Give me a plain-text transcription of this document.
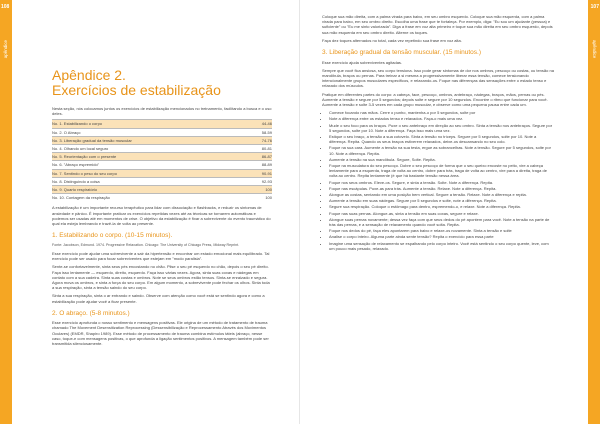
108
apêndice
Apêndice 2.
Exercícios de estabilização

Nesta seção, nós colocamos juntos os exercícios de estabilização mencionados no treinamento, facilitando a busca e o uso deles.

No. 1. Estabilizando o corpo	44-46
No. 2. O Abraço	58-59
No. 3. Liberação gradual da tensão muscular	74-76
No. 4. Olhando um local seguro	80-81
No. 5. Reorientação com o presente	86-87
No. 6. "Abraço espremido"	88-89
No. 7. Sentindo o peso do seu corpo	90-91
No. 8. Distinguindo a coisa	92-93
No. 9. Quarto respiratório	100
No. 10. Contagem da respiração	100

A estabilização é um importante recurso terapêutico para lidar com dissociação e flashbacks, e reduzir os sintomas de ansiedade e pânico. É importante praticar os exercícios repetidas vezes até as técnicas se tornarem automáticas e podemos ser usadas até em momentos de crise. O objetivo da estabilização é fixar a sobrevivente do evento traumático do qual ela esteja lembrando e trazê-la de volta ao presente.

1. Estabilizando o corpo. (10-15 minutos).

Fonte: Jacobson, Edmund. 1974. Progressive Relaxation. Chicago: The University of Chicago Press, Midway Reprint.

Esse exercício pode ajudar uma sobrevivente a sair da hipertensão e encontrar um estado emocional mais equilibrado. Tal exercício pode ser usado para focar sobreviventes que estejam em "modo paralisia".

Sente-se confortavelmente, sinta seus pés encostando no chão. Plise o seu pé esquerdo no chão, depois o seu pé direito. Faça isso lentamente — esquerdo, direito, esquerdo. Faça isso várias vezes. Agora, sinta suas coxas e nádegas em contato com a sua cadeira. Sinta suas costas e ombros. Note se seus ombros estão tensos. Sinta-se enraizado e segura. Agora mova os ombros, e sinta a força do seu corpo. Em algum momento, a sobrevivente pode fechar os olhos. Sinta toda a sua respiração, sinta a tensão saindo do seu corpo.

Sinta a sua respiração, sinta o ar entrando e saindo. Observe com atenção como você está se sentindo agora e como a estabilização pode ajudar você a ficar presente.

2. O abraço. (5-8 minutos.)

Esse exercício aprofunda o nosso sentimento e mensagens positivas. Ele origina de um método de tratamento de trauma chamado The Movement Desensitization Reprocessing (Dessensibilização e Reprocessamento Através dos Movimentos Oculares) (EMDR, Shapiro 1989). Esse método de processamento de trauma combina estímulos táteis (abraço, nesse caso, toque-e com mensagens positivas, o que aprofunda a ligação sentimentos positivos. A mensagem também pode ser transmitida silenciosamente.

107
apêndice

Coloque sua mão direita, com a palma virada para baixo, em seu ombro esquerdo. Coloque sua mão esquerda, com a palma virada para baixo, em seu ombro direito. Escolha uma frase que te fortaleça. Por exemplo, diga: "Eu sou um ajudante (pessoa) e suficiente" ou "Eu me sinto valorizada". Diga a frase em voz alta primeiro e toque sua mão direita em seu ombro esquerdo, depois sua mão esquerda em seu ombro direito. Alterne os toques.

Faça dez toques alternados no total, cada vez repetindo sua frase em voz alta.

3. Liberação gradual da tensão muscular. (15 minutos.)

Esse exercício ajuda sobreviventes agitadas.

Sempre que você fica ansiosa, seu corpo tensiona. Isso pode gerar sintomas de dor nos ombros, pescoço ou costas, ou tensão na mandíbula, braços ou pernas. Para treinar a si mesma a progressivamente liberar essa tensão, comece tensionando intencionalmente grupos musculares específicos, e relaxando-os. Foque nas diferenças das sensações entre o estado tenso e relaxado dos músculos.

Pratique em diferentes partes do corpo: a cabeça, face, pescoço, ombros, antebraço, nádegas, braços, mãos, pernas ou pés. Aumente a tensão e segure por 5 segundos; depois solte e segure por 10 segundos. Encontre o ritmo que funcionar para você. Aumente a tensão e solte 3-5 vezes em cada grupo muscular, e observe como uma pequena pausa entre cada um.

• Comece focando nas mãos. Cerre o punho, mantenha-o por 5 segundos, solte por
• Note a diferença entre os estados tenso e relaxados. Faça-o mais uma vez.
• Mude o seu foco para os braços. Puxe o seu antebraço em direção ao seu ombro. Sinta a tensão nos antebraços. Segure por 5 segundos, solte por 10. Note a diferença. Faça isso mais uma vez.
• Estique o seu braço, a tensão a sua cotovelo. Sinta a tensão no tríceps. Segure por 5 segundos, solte por 10. Note a diferença. Repita. Quando os seus braços estiverem relaxados, deixe-os descansando no seu colo.
• Foque na sua cara. Aumente a tensão na sua testa, ergue as sobrancelhas. Note a tensão. Segure por 5 segundos, solte por 10. Note a diferença. Repita.
• Aumente a tensão na sua mandíbula. Segure, Solte. Repita.
• Foque na musculatura do seu pescoço. Dobre o seu pescoço de forma que o seu queixo encoste no peito, vire a cabeça lentamente para a esquerda, traga de volta ao centro, dobre para trás, traga de volta ao centro, vire para a direita, traga de volta ao centro. Repita lentamente (é que há bastante tensão nessa área.
• Foque nos seus ombros. Eleve-os. Segure, e sinta a tensão. Solte. Note a diferença. Repita.
• Foque nas escápulas. Puxe-as para trás. Aumente a tensão. Relaxe. Note a diferença. Repita.
• Alongue as costas, sentando em uma posição bem vertical. Segure a tensão. Relaxe. Note a diferença e repita.
• Aumente a tensão em suas nádegas. Segure por 5 segundos e solte, note a diferença. Repita.
• Segure sua respiração. Coloque o estômago para dentro, espremendo-o, e relaxe. Note a diferença. Repita.
• Foque nas suas pernas. Alongue-as, sinta a tensão em suas coxas, segure e relaxe.
• Alongue suas pernas novamente; dessa vez faça com que seus dedos do pé apontem para você. Note a tensão na parte de trás das pernas, e a sensação de relaxamento quando você solta. Repita.
• Foque nos dedos do pé, faça eles apontarem para baixo e relaxe-os novamente. Sinta a tensão e solte
• Analise o corpo inteiro. Alguma parte ainda sente tensão? Repita o exercício para essa parte
• Imagine uma sensação de relaxamento se espalhando pelo corpo inteiro. Você está sentindo o seu corpo quente, leve, com um pouco mais pesado, relaxado.
